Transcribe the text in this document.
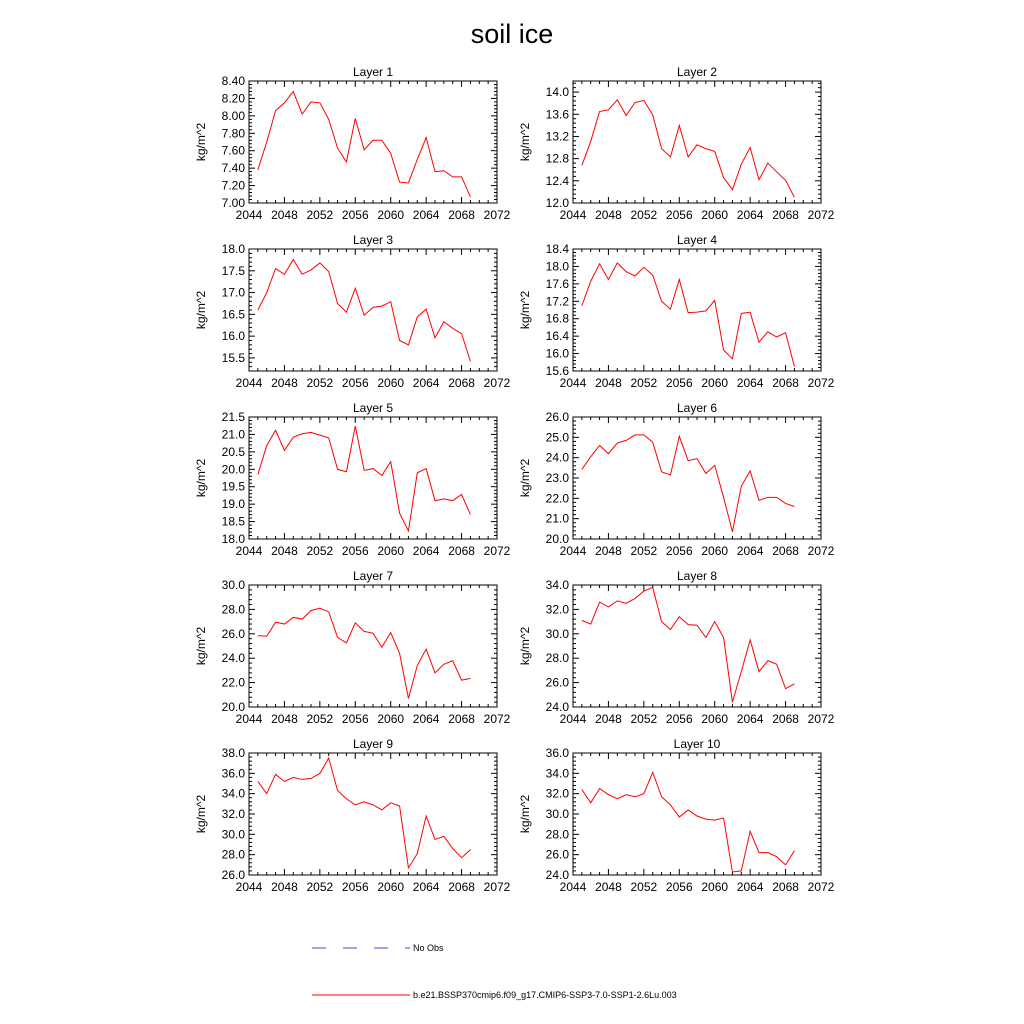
soil ice
Layer 1
2044 2048 2052 2056 2060 2064 2068 2072
7.00
7.20
7.40
7.60
7.80
8.00
8.20
8.40
kg/m^2
Layer 2
2044 2048 2052 2056 2060 2064 2068 2072
12.0
12.4
12.8
13.2
13.6
14.0
kg/m^2
Layer 3
2044 2048 2052 2056 2060 2064 2068 2072
15.5
16.0
16.5
17.0
17.5
18.0
kg/m^2
Layer 4
2044 2048 2052 2056 2060 2064 2068 2072
15.6
16.0
16.4
16.8
17.2
17.6
18.0
18.4
kg/m^2
Layer 5
2044 2048 2052 2056 2060 2064 2068 2072
18.0
18.5
19.0
19.5
20.0
20.5
21.0
21.5
kg/m^2
Layer 6
2044 2048 2052 2056 2060 2064 2068 2072
20.0
21.0
22.0
23.0
24.0
25.0
26.0
kg/m^2
Layer 7
2044 2048 2052 2056 2060 2064 2068 2072
20.0
22.0
24.0
26.0
28.0
30.0
kg/m^2
Layer 8
2044 2048 2052 2056 2060 2064 2068 2072
24.0
26.0
28.0
30.0
32.0
34.0
kg/m^2
Layer 9
2044 2048 2052 2056 2060 2064 2068 2072
26.0
28.0
30.0
32.0
34.0
36.0
38.0
kg/m^2
Layer 10
2044 2048 2052 2056 2060 2064 2068 2072
24.0
26.0
28.0
30.0
32.0
34.0
36.0
kg/m^2
No Obs
b.e21.BSSP370cmip6.f09_g17.CMIP6-SSP3-7.0-SSP1-2.6Lu.003
